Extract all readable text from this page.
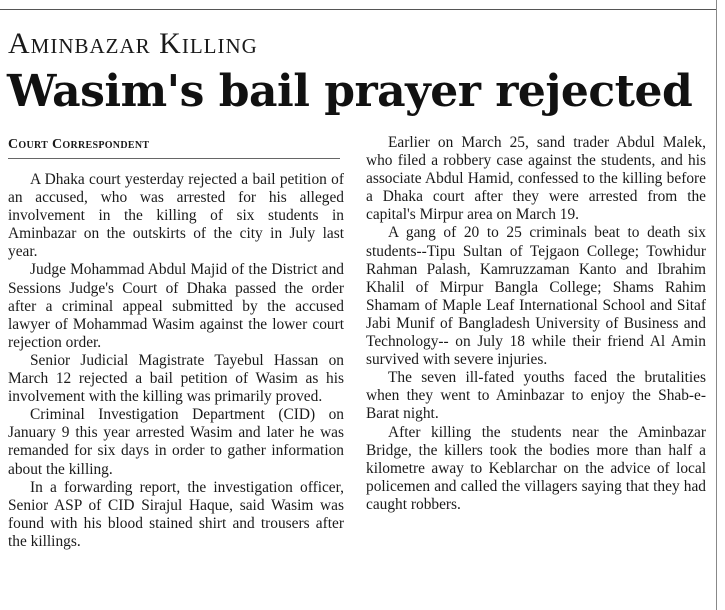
Aminbazar Killing
Wasim's bail prayer rejected
Court Correspondent

A Dhaka court yesterday rejected a bail petition of an accused, who was arrested for his alleged involvement in the killing of six students in Aminbazar on the outskirts of the city in July last year.

Judge Mohammad Abdul Majid of the District and Sessions Judge's Court of Dhaka passed the order after a criminal appeal submitted by the accused lawyer of Mohammad Wasim against the lower court rejection order.

Senior Judicial Magistrate Tayebul Hassan on March 12 rejected a bail petition of Wasim as his involvement with the killing was primarily proved.

Criminal Investigation Department (CID) on January 9 this year arrested Wasim and later he was remanded for six days in order to gather information about the killing.

In a forwarding report, the investigation officer, Senior ASP of CID Sirajul Haque, said Wasim was found with his blood stained shirt and trousers after the killings.

Earlier on March 25, sand trader Abdul Malek, who filed a robbery case against the students, and his associate Abdul Hamid, confessed to the killing before a Dhaka court after they were arrested from the capital's Mirpur area on March 19.

A gang of 20 to 25 criminals beat to death six students--Tipu Sultan of Tejgaon College; Towhidur Rahman Palash, Kamruzzaman Kanto and Ibrahim Khalil of Mirpur Bangla College; Shams Rahim Shamam of Maple Leaf International School and Sitaf Jabi Munif of Bangladesh University of Business and Technology-- on July 18 while their friend Al Amin survived with severe injuries.

The seven ill-fated youths faced the brutalities when they went to Aminbazar to enjoy the Shab-e-Barat night.

After killing the students near the Aminbazar Bridge, the killers took the bodies more than half a kilometre away to Keblarchar on the advice of local policemen and called the villagers saying that they had caught robbers.
